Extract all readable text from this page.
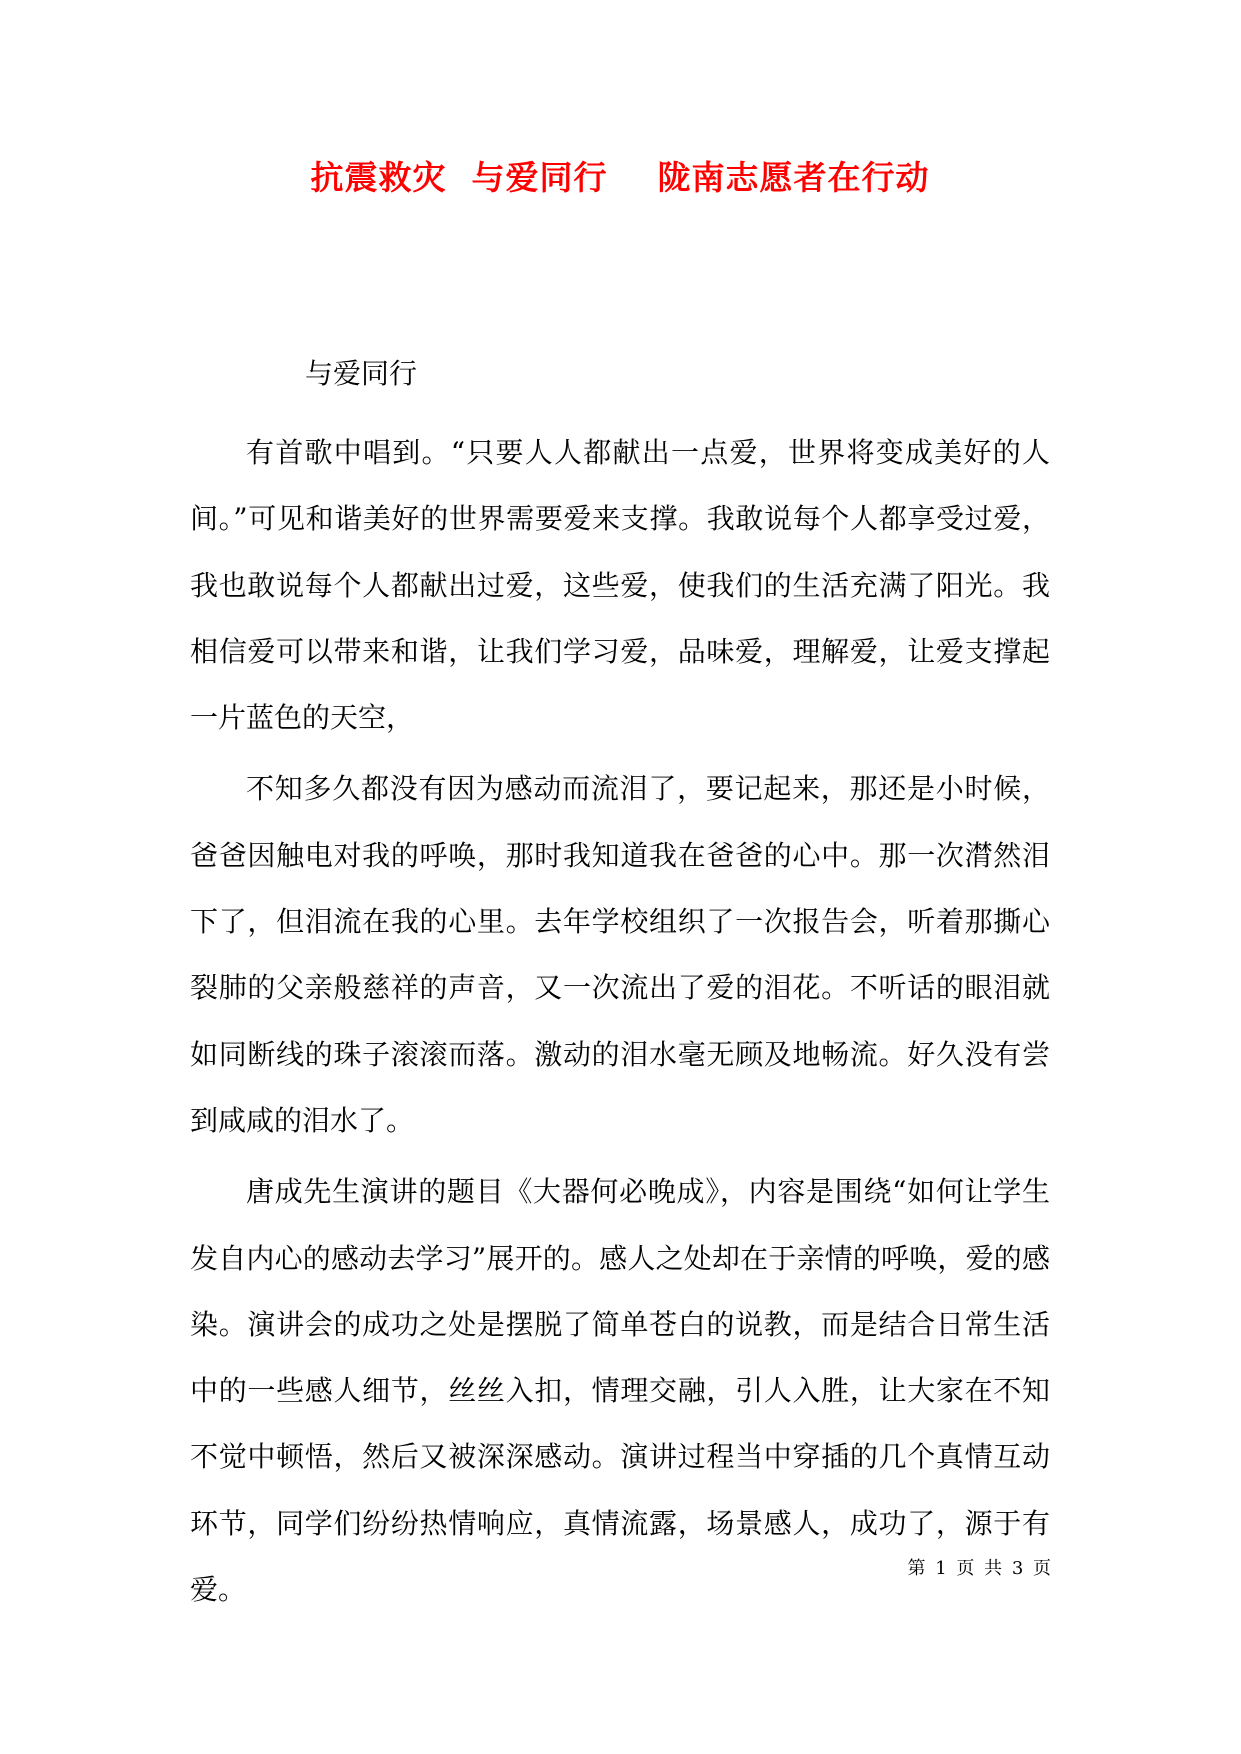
抗震救灾  与爱同行    陇南志愿者在行动
与爱同行

有首歌中唱到。“只要人人都献出一点爱，世界将变成美好的人间。”可见和谐美好的世界需要爱来支撑。我敢说每个人都享受过爱，我也敢说每个人都献出过爱，这些爱，使我们的生活充满了阳光。我相信爱可以带来和谐，让我们学习爱，品味爱，理解爱，让爱支撑起一片蓝色的天空，

不知多久都没有因为感动而流泪了，要记起来，那还是小时候，爸爸因触电对我的呼唤，那时我知道我在爸爸的心中。那一次潸然泪下了，但泪流在我的心里。去年学校组织了一次报告会，听着那撕心裂肺的父亲般慈祥的声音，又一次流出了爱的泪花。不听话的眼泪就如同断线的珠子滚滚而落。激动的泪水毫无顾及地畅流。好久没有尝到咸咸的泪水了。

唐成先生演讲的题目《大器何必晚成》，内容是围绕“如何让学生发自内心的感动去学习”展开的。感人之处却在于亲情的呼唤，爱的感染。演讲会的成功之处是摆脱了简单苍白的说教，而是结合日常生活中的一些感人细节，丝丝入扣，情理交融，引人入胜，让大家在不知不觉中顿悟，然后又被深深感动。演讲过程当中穿插的几个真情互动环节，同学们纷纷热情响应，真情流露，场景感人，成功了，源于有爱。

第 1 页 共 3 页
